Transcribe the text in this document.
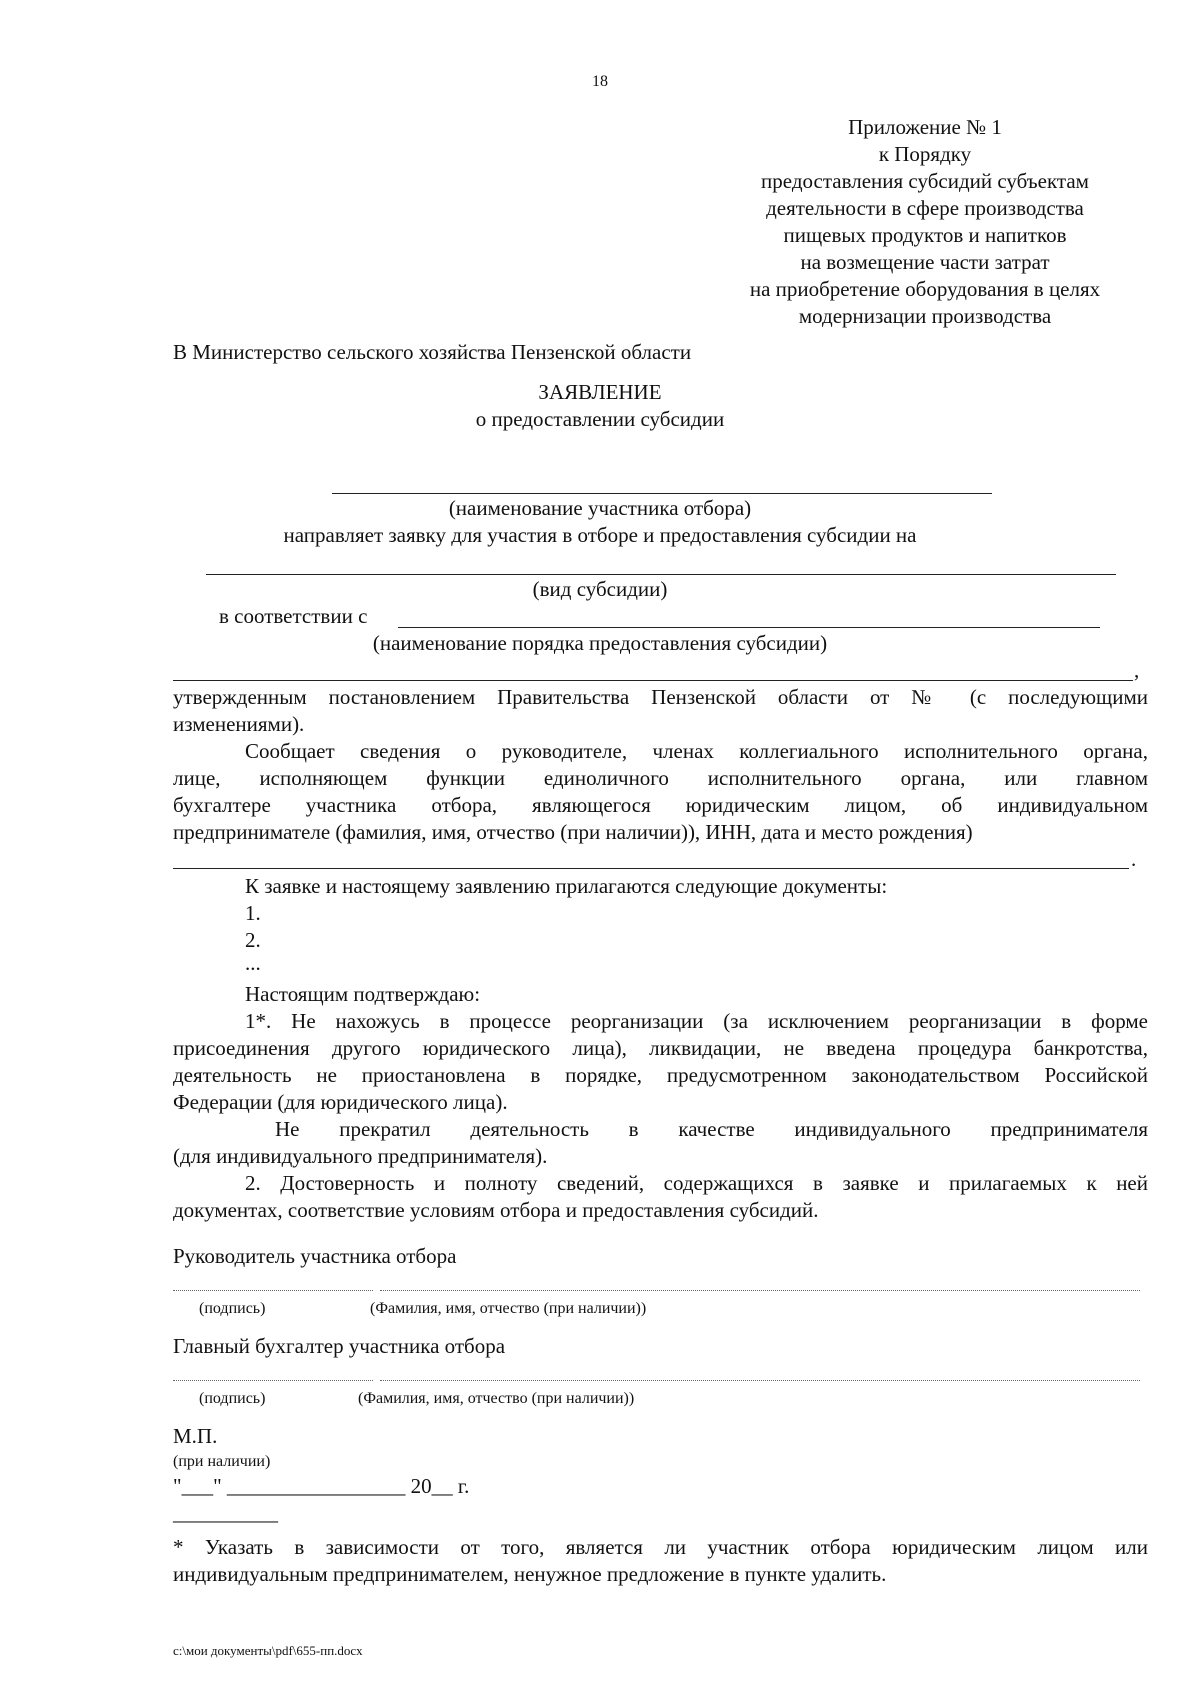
18
Приложение № 1
к Порядку
предоставления субсидий субъектам
деятельности в сфере производства
пищевых продуктов и напитков
на возмещение части затрат
на приобретение оборудования в целях
модернизации производства
В Министерство сельского хозяйства Пензенской области
ЗАЯВЛЕНИЕ
о предоставлении субсидии
(наименование участника отбора)
направляет заявку для участия в отборе и предоставления субсидии на
(вид субсидии)
в соответствии с
(наименование порядка предоставления субсидии)
,
утвержденным постановлением Правительства Пензенской области от № (с последующими
изменениями).
Сообщает сведения о руководителе, членах коллегиального исполнительного органа,
лице, исполняющем функции единоличного исполнительного органа, или главном
бухгалтере участника отбора, являющегося юридическим лицом, об индивидуальном
предпринимателе (фамилия, имя, отчество (при наличии)), ИНН, дата и место рождения)
.
К заявке и настоящему заявлению прилагаются следующие документы:
1.
2.
...
Настоящим подтверждаю:
1*. Не нахожусь в процессе реорганизации (за исключением реорганизации в форме
присоединения другого юридического лица), ликвидации, не введена процедура банкротства,
деятельность не приостановлена в порядке, предусмотренном законодательством Российской
Федерации (для юридического лица).
Не прекратил деятельность в качестве индивидуального предпринимателя
(для индивидуального предпринимателя).
2. Достоверность и полноту сведений, содержащихся в заявке и прилагаемых к ней
документах, соответствие условиям отбора и предоставления субсидий.
Руководитель участника отбора
(подпись)	(Фамилия, имя, отчество (при наличии))
Главный бухгалтер участника отбора
(подпись)	(Фамилия, имя, отчество (при наличии))
М.П.
(при наличии)
"___" _________________ 20__ г.
__________
* Указать в зависимости от того, является ли участник отбора юридическим лицом или
индивидуальным предпринимателем, ненужное предложение в пункте удалить.
c:\мои документы\pdf\655-пп.docx
